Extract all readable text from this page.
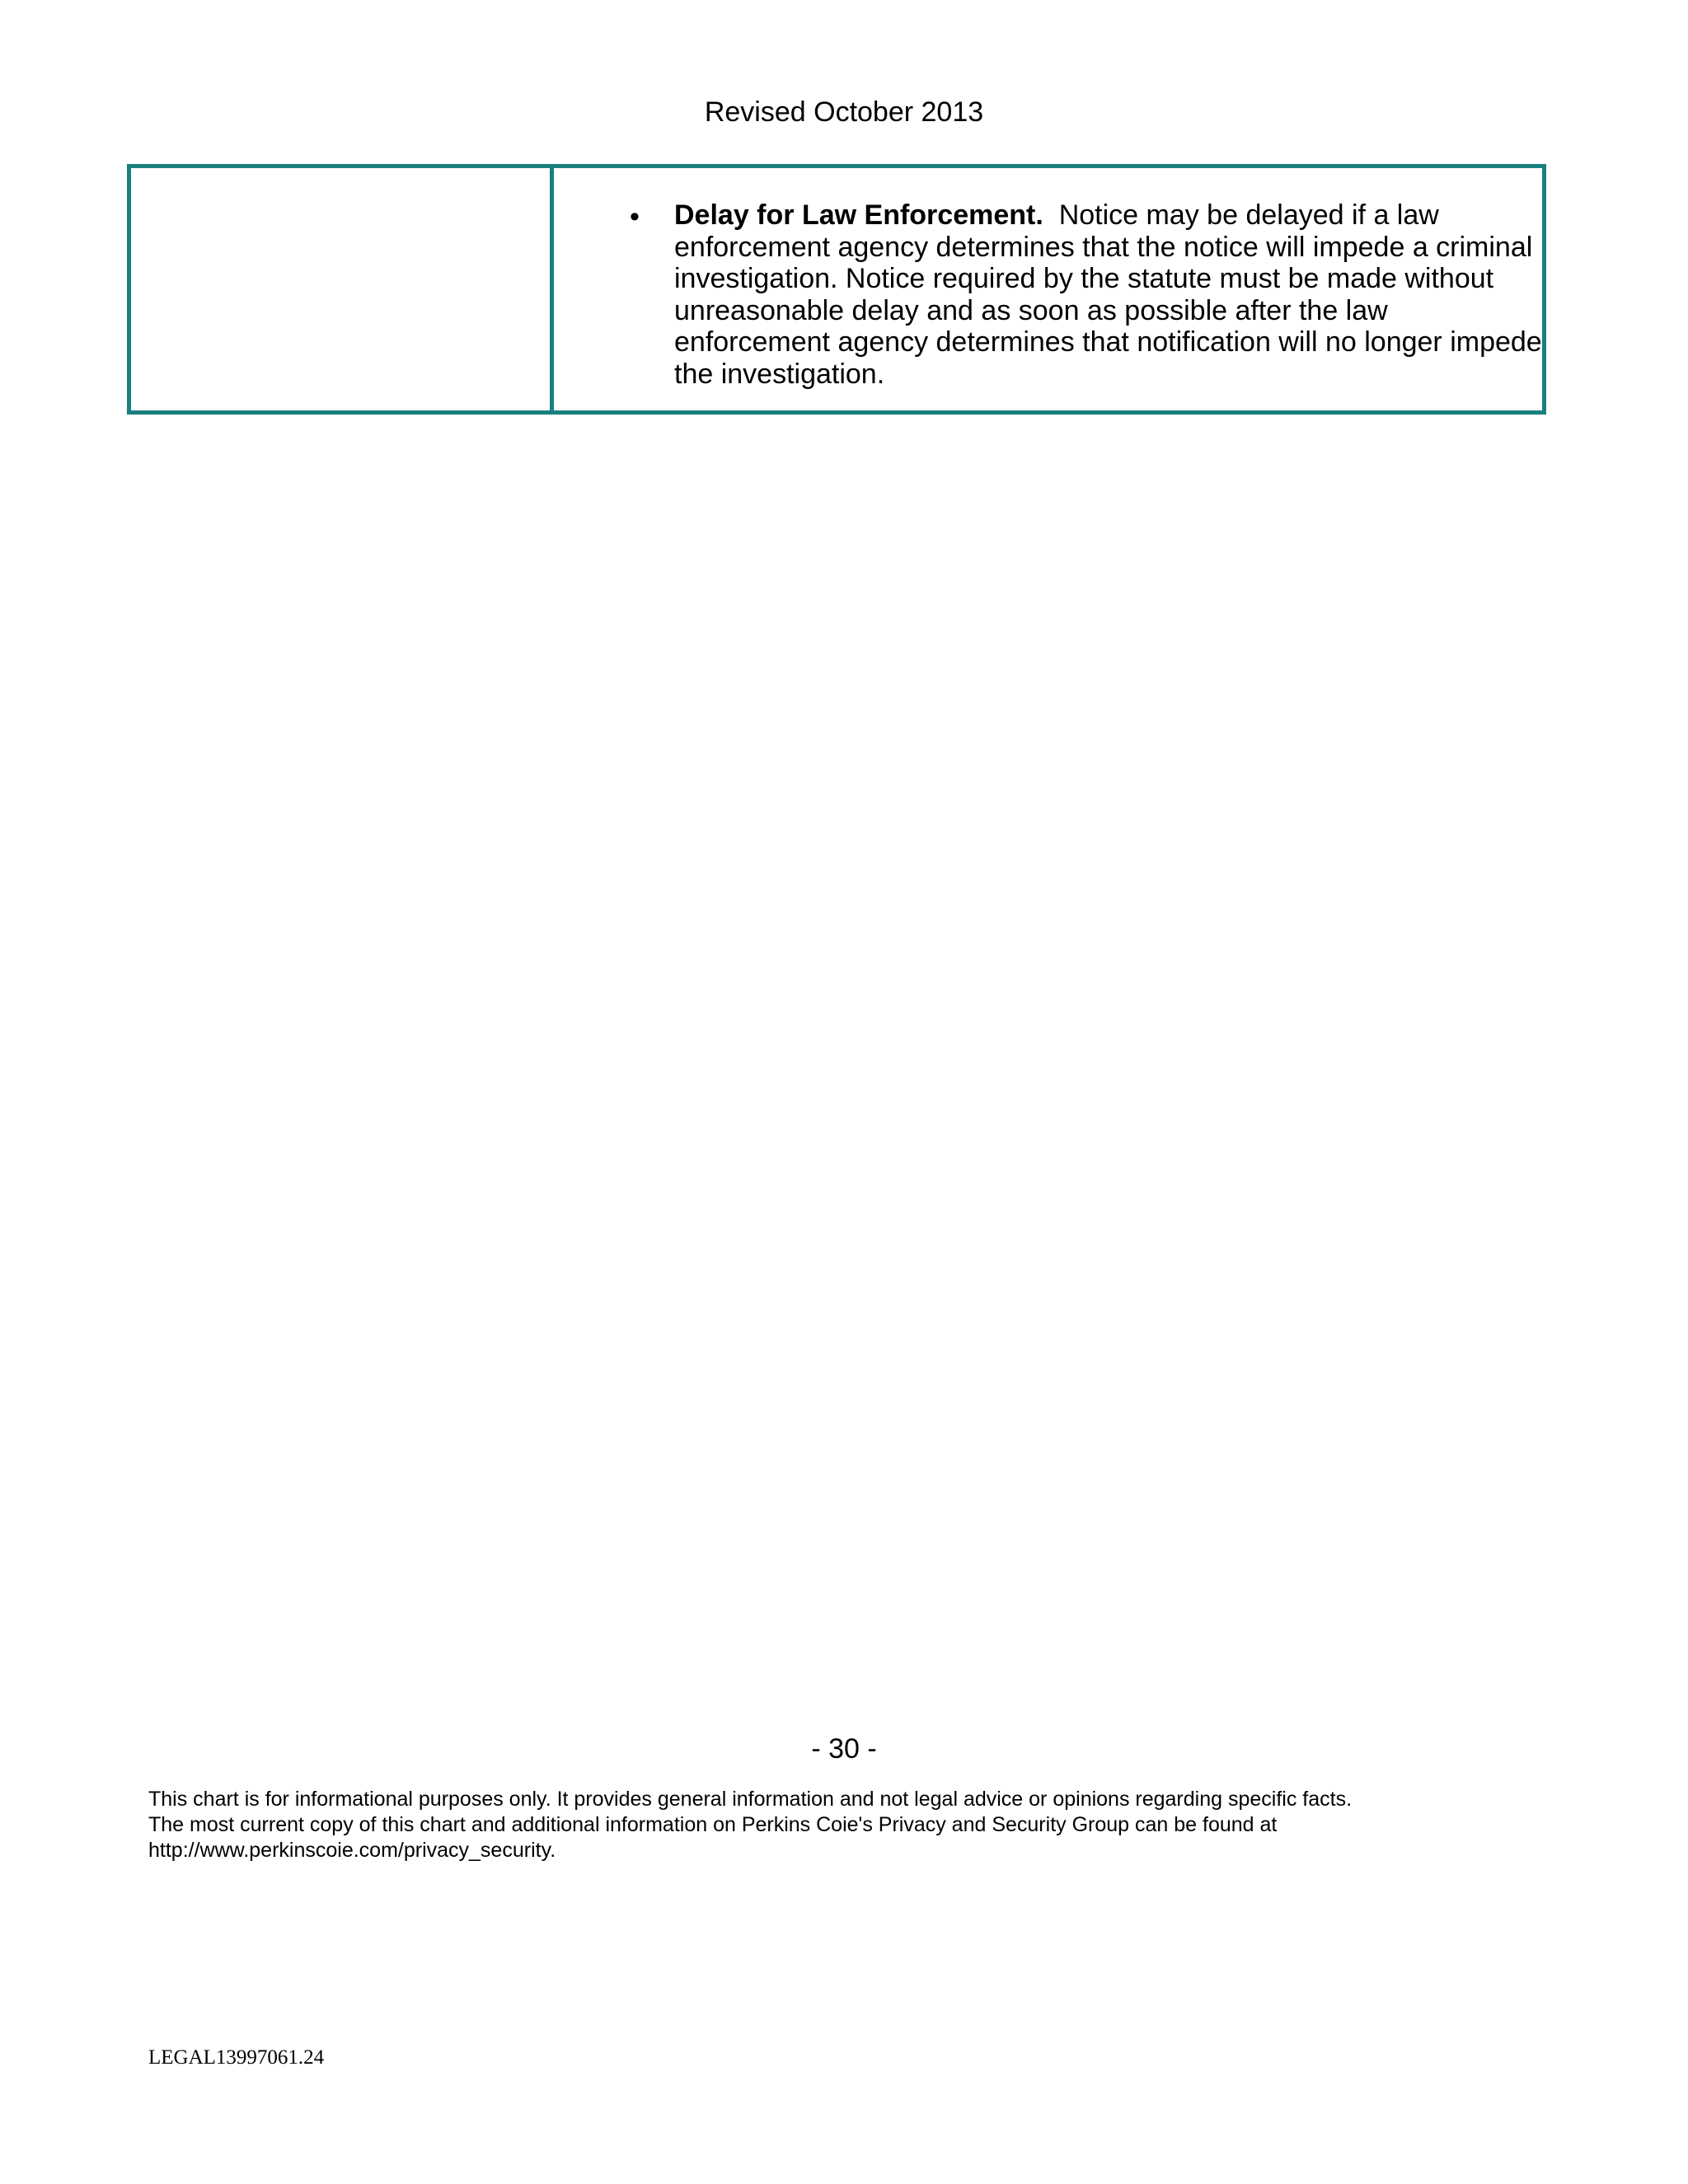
Revised October 2013
• Delay for Law Enforcement. Notice may be delayed if a law enforcement agency determines that the notice will impede a criminal investigation. Notice required by the statute must be made without unreasonable delay and as soon as possible after the law enforcement agency determines that notification will no longer impede the investigation.
- 30 -
This chart is for informational purposes only. It provides general information and not legal advice or opinions regarding specific facts.
The most current copy of this chart and additional information on Perkins Coie's Privacy and Security Group can be found at
http://www.perkinscoie.com/privacy_security.
LEGAL13997061.24
